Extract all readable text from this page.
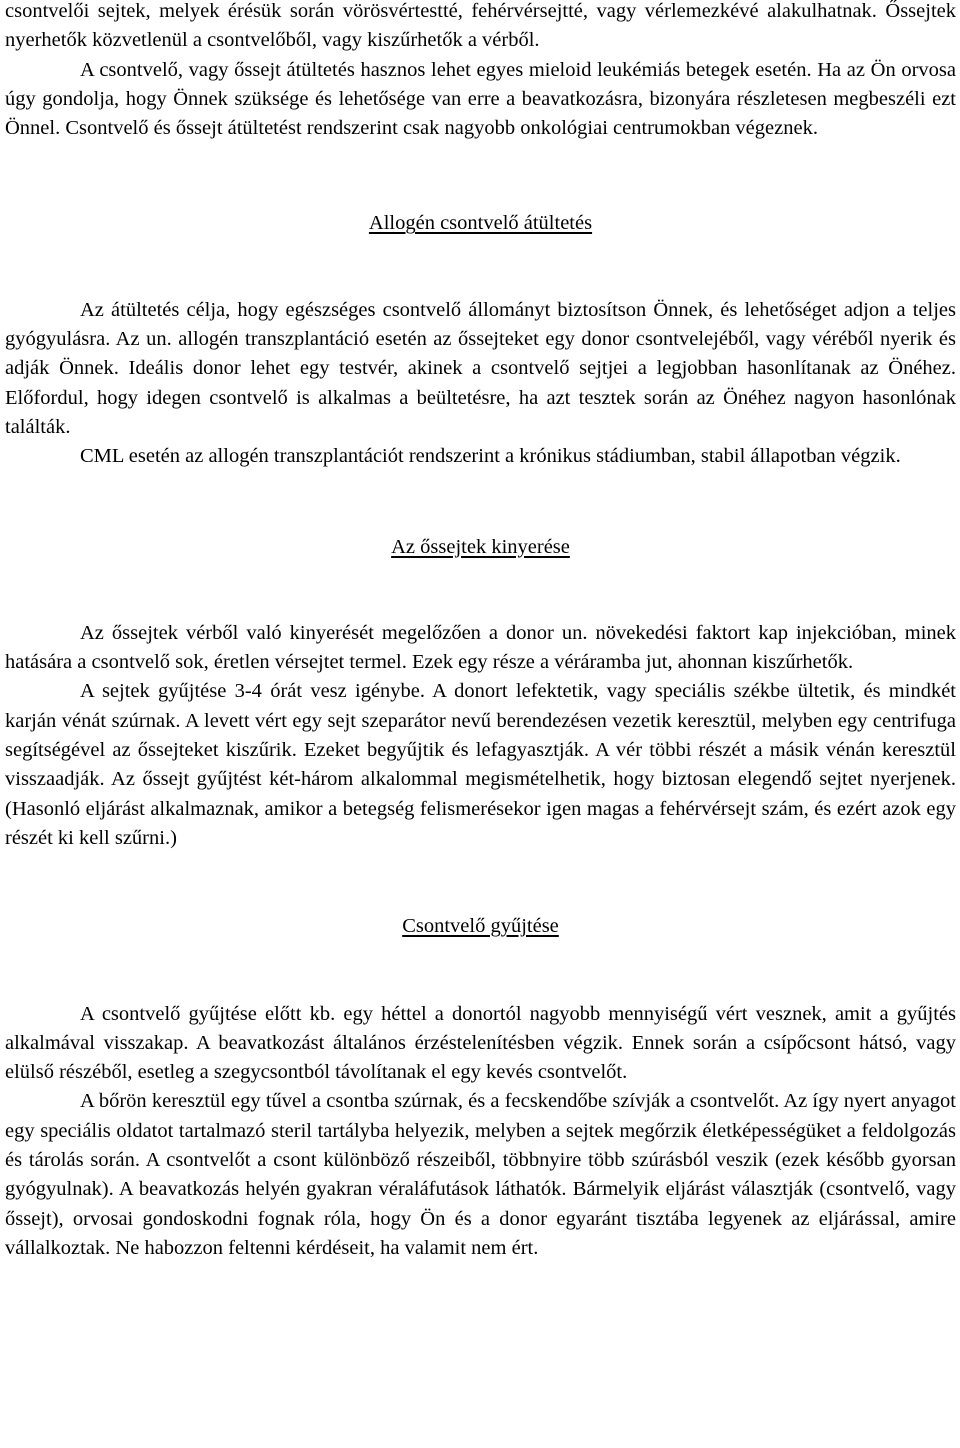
csontvelői sejtek, melyek érésük során vörösvértestté, fehérvérsejtté, vagy vérlemezkévé alakulhatnak. Őssejtek nyerhetők közvetlenül a csontvelőből, vagy kiszűrhetők a vérből.

A csontvelő, vagy őssejt átültetés hasznos lehet egyes mieloid leukémiás betegek esetén. Ha az Ön orvosa úgy gondolja, hogy Önnek szüksége és lehetősége van erre a beavatkozásra, bizonyára részletesen megbeszéli ezt Önnel. Csontvelő és őssejt átültetést rendszerint csak nagyobb onkológiai centrumokban végeznek.

Allogén csontvelő átültetés

Az átültetés célja, hogy egészséges csontvelő állományt biztosítson Önnek, és lehetőséget adjon a teljes gyógyulásra. Az un. allogén transzplantáció esetén az őssejteket egy donor csontvelejéből, vagy véréből nyerik és adják Önnek. Ideális donor lehet egy testvér, akinek a csontvelő sejtjei a legjobban hasonlítanak az Önéhez. Előfordul, hogy idegen csontvelő is alkalmas a beültetésre, ha azt tesztek során az Önéhez nagyon hasonlónak találták.

CML esetén az allogén transzplantációt rendszerint a krónikus stádiumban, stabil állapotban végzik.

Az őssejtek kinyerése

Az őssejtek vérből való kinyerését megelőzően a donor un. növekedési faktort kap injekcióban, minek hatására a csontvelő sok, éretlen vérsejtet termel. Ezek egy része a véráramba jut, ahonnan kiszűrhetők.

A sejtek gyűjtése 3-4 órát vesz igénybe. A donort lefektetik, vagy speciális székbe ültetik, és mindkét karján vénát szúrnak. A levett vért egy sejt szeparátor nevű berendezésen vezetik keresztül, melyben egy centrifuga segítségével az őssejteket kiszűrik. Ezeket begyűjtik és lefagyasztják. A vér többi részét a másik vénán keresztül visszaadják. Az őssejt gyűjtést két-három alkalommal megismételhetik, hogy biztosan elegendő sejtet nyerjenek. (Hasonló eljárást alkalmaznak, amikor a betegség felismerésekor igen magas a fehérvérsejt szám, és ezért azok egy részét ki kell szűrni.)

Csontvelő gyűjtése

A csontvelő gyűjtése előtt kb. egy héttel a donortól nagyobb mennyiségű vért vesznek, amit a gyűjtés alkalmával visszakap. A beavatkozást általános érzéstelenítésben végzik. Ennek során a csípőcsont hátsó, vagy elülső részéből, esetleg a szegycsontból távolítanak el egy kevés csontvelőt.

A bőrön keresztül egy tűvel a csontba szúrnak, és a fecskendőbe szívják a csontvelőt. Az így nyert anyagot egy speciális oldatot tartalmazó steril tartályba helyezik, melyben a sejtek megőrzik életképességüket a feldolgozás és tárolás során. A csontvelőt a csont különböző részeiből, többnyire több szúrásból veszik (ezek később gyorsan gyógyulnak). A beavatkozás helyén gyakran véraláfutások láthatók. Bármelyik eljárást választják (csontvelő, vagy őssejt), orvosai gondoskodni fognak róla, hogy Ön és a donor egyaránt tisztába legyenek az eljárással, amire vállalkoztak. Ne habozzon feltenni kérdéseit, ha valamit nem ért.
